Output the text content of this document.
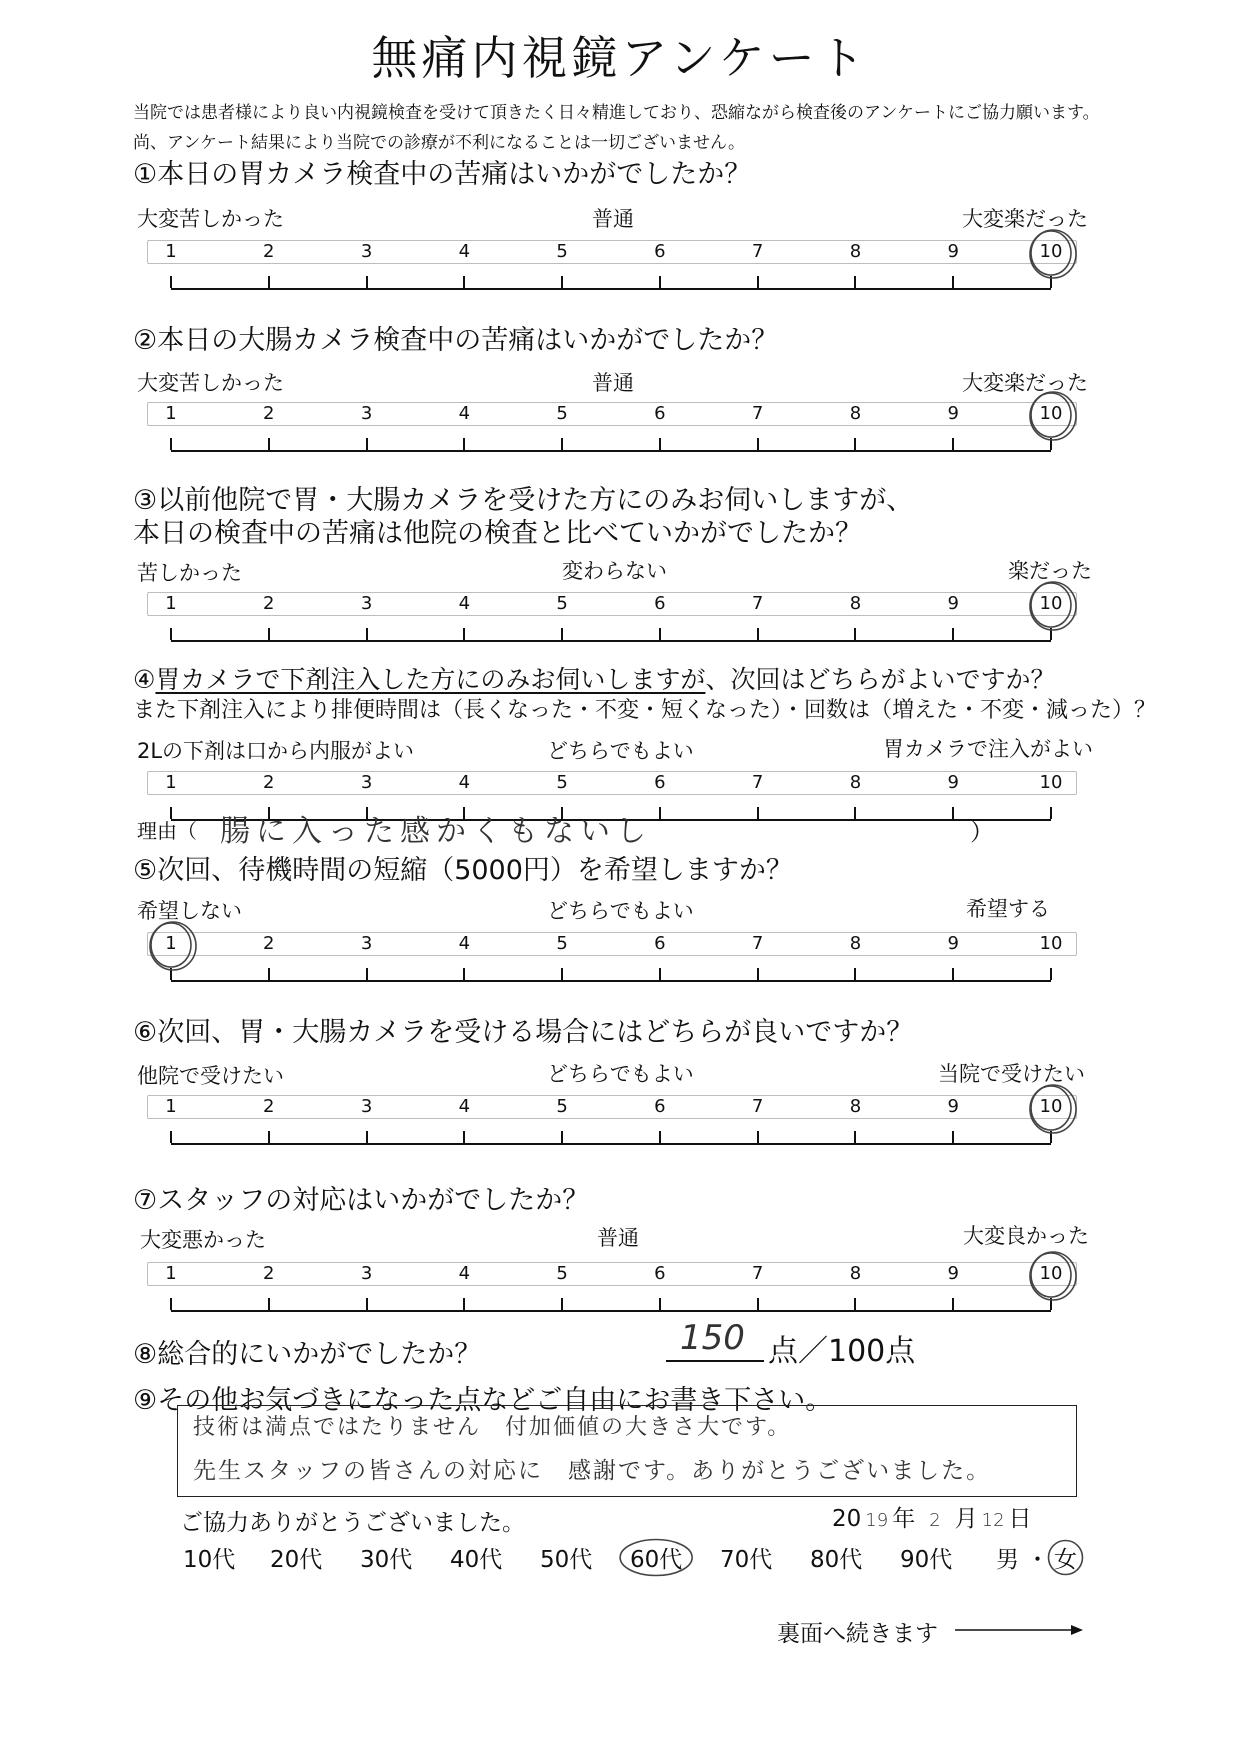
無痛内視鏡アンケート
当院では患者様により良い内視鏡検査を受けて頂きたく日々精進しており、恐縮ながら検査後のアンケートにご協力願います。
尚、アンケート結果により当院での診療が不利になることは一切ございません。
①本日の胃カメラ検査中の苦痛はいかがでしたか？
大変苦しかった	普通	大変楽だった
1	2	3	4	5	6	7	8	9	10
②本日の大腸カメラ検査中の苦痛はいかがでしたか？
大変苦しかった	普通	大変楽だった
1	2	3	4	5	6	7	8	9	10
③以前他院で胃・大腸カメラを受けた方にのみお伺いしますが、
本日の検査中の苦痛は他院の検査と比べていかがでしたか？
苦しかった	変わらない	楽だった
1	2	3	4	5	6	7	8	9	10
④胃カメラで下剤注入した方にのみお伺いしますが、次回はどちらがよいですか？
また下剤注入により排便時間は（長くなった・不変・短くなった）・回数は（増えた・不変・減った）？
2Lの下剤は口から内服がよい	どちらでもよい	胃カメラで注入がよい
1	2	3	4	5	6	7	8	9	10
理由（ 腸に入った感かくもないし	）
⑤次回、待機時間の短縮（5000円）を希望しますか？
希望しない	どちらでもよい	希望する
1	2	3	4	5	6	7	8	9	10
⑥次回、胃・大腸カメラを受ける場合にはどちらが良いですか？
他院で受けたい	どちらでもよい	当院で受けたい
1	2	3	4	5	6	7	8	9	10
⑦スタッフの対応はいかがでしたか？
大変悪かった	普通	大変良かった
1	2	3	4	5	6	7	8	9	10
⑧総合的にいかがでしたか？	150 点／100点
⑨その他お気づきになった点などご自由にお書き下さい。
技術は満点ではたりません　付加価値の大きさ大です。
先生スタッフの皆さんの対応に　感謝です。ありがとうございました。
ご協力ありがとうございました。	20 19 年 2 月 12 日
10代 20代 30代 40代 50代 60代 70代 80代 90代 男 ・ 女
裏面へ続きます
